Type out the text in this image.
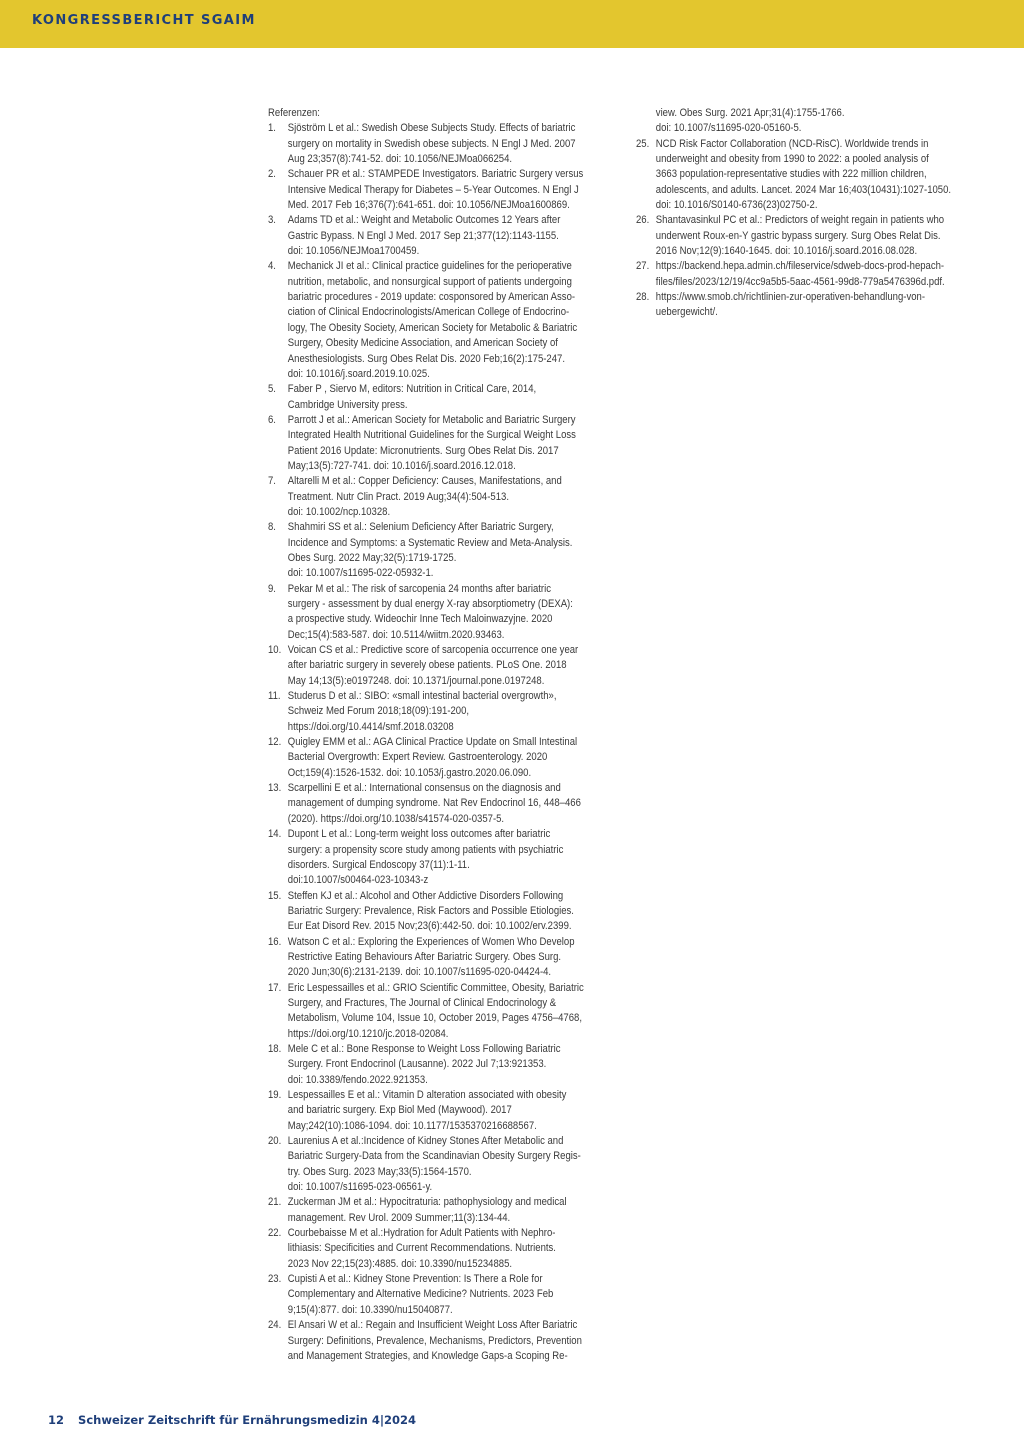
KONGRESSBERICHT SGAIM

Referenzen:

1. Sjöström L et al.: Swedish Obese Subjects Study. Effects of bariatric
surgery on mortality in Swedish obese subjects. N Engl J Med. 2007
Aug 23;357(8):741-52. doi: 10.1056/NEJMoa066254.
2. Schauer PR et al.: STAMPEDE Investigators. Bariatric Surgery versus
Intensive Medical Therapy for Diabetes – 5-Year Outcomes. N Engl J
Med. 2017 Feb 16;376(7):641-651. doi: 10.1056/NEJMoa1600869.
3. Adams TD et al.: Weight and Metabolic Outcomes 12 Years after
Gastric Bypass. N Engl J Med. 2017 Sep 21;377(12):1143-1155.
doi: 10.1056/NEJMoa1700459.
4. Mechanick JI et al.: Clinical practice guidelines for the perioperative
nutrition, metabolic, and nonsurgical support of patients undergoing
bariatric procedures - 2019 update: cosponsored by American Asso-
ciation of Clinical Endocrinologists/American College of Endocrino-
logy, The Obesity Society, American Society for Metabolic & Bariatric
Surgery, Obesity Medicine Association, and American Society of
Anesthesiologists. Surg Obes Relat Dis. 2020 Feb;16(2):175-247.
doi: 10.1016/j.soard.2019.10.025.
5. Faber P , Siervo M, editors: Nutrition in Critical Care, 2014,
Cambridge University press.
6. Parrott J et al.: American Society for Metabolic and Bariatric Surgery
Integrated Health Nutritional Guidelines for the Surgical Weight Loss
Patient 2016 Update: Micronutrients. Surg Obes Relat Dis. 2017
May;13(5):727-741. doi: 10.1016/j.soard.2016.12.018.
7. Altarelli M et al.: Copper Deficiency: Causes, Manifestations, and
Treatment. Nutr Clin Pract. 2019 Aug;34(4):504-513.
doi: 10.1002/ncp.10328.
8. Shahmiri SS et al.: Selenium Deficiency After Bariatric Surgery,
Incidence and Symptoms: a Systematic Review and Meta-Analysis.
Obes Surg. 2022 May;32(5):1719-1725.
doi: 10.1007/s11695-022-05932-1.
9. Pekar M et al.: The risk of sarcopenia 24 months after bariatric
surgery - assessment by dual energy X-ray absorptiometry (DEXA):
a prospective study. Wideochir Inne Tech Maloinwazyjne. 2020
Dec;15(4):583-587. doi: 10.5114/wiitm.2020.93463.
10. Voican CS et al.: Predictive score of sarcopenia occurrence one year
after bariatric surgery in severely obese patients. PLoS One. 2018
May 14;13(5):e0197248. doi: 10.1371/journal.pone.0197248.
11. Studerus D et al.: SIBO: «small intestinal bacterial overgrowth»,
Schweiz Med Forum 2018;18(09):191-200,
https://doi.org/10.4414/smf.2018.03208
12. Quigley EMM et al.: AGA Clinical Practice Update on Small Intestinal
Bacterial Overgrowth: Expert Review. Gastroenterology. 2020
Oct;159(4):1526-1532. doi: 10.1053/j.gastro.2020.06.090.
13. Scarpellini E et al.: International consensus on the diagnosis and
management of dumping syndrome. Nat Rev Endocrinol 16, 448–466
(2020). https://doi.org/10.1038/s41574-020-0357-5.
14. Dupont L et al.: Long-term weight loss outcomes after bariatric
surgery: a propensity score study among patients with psychiatric
disorders. Surgical Endoscopy 37(11):1-11.
doi:10.1007/s00464-023-10343-z
15. Steffen KJ et al.: Alcohol and Other Addictive Disorders Following
Bariatric Surgery: Prevalence, Risk Factors and Possible Etiologies.
Eur Eat Disord Rev. 2015 Nov;23(6):442-50. doi: 10.1002/erv.2399.
16. Watson C et al.: Exploring the Experiences of Women Who Develop
Restrictive Eating Behaviours After Bariatric Surgery. Obes Surg.
2020 Jun;30(6):2131-2139. doi: 10.1007/s11695-020-04424-4.
17. Eric Lespessailles et al.: GRIO Scientific Committee, Obesity, Bariatric
Surgery, and Fractures, The Journal of Clinical Endocrinology &
Metabolism, Volume 104, Issue 10, October 2019, Pages 4756–4768,
https://doi.org/10.1210/jc.2018-02084.
18. Mele C et al.: Bone Response to Weight Loss Following Bariatric
Surgery. Front Endocrinol (Lausanne). 2022 Jul 7;13:921353.
doi: 10.3389/fendo.2022.921353.
19. Lespessailles E et al.: Vitamin D alteration associated with obesity
and bariatric surgery. Exp Biol Med (Maywood). 2017
May;242(10):1086-1094. doi: 10.1177/1535370216688567.
20. Laurenius A et al.:Incidence of Kidney Stones After Metabolic and
Bariatric Surgery-Data from the Scandinavian Obesity Surgery Regis-
try. Obes Surg. 2023 May;33(5):1564-1570.
doi: 10.1007/s11695-023-06561-y.
21. Zuckerman JM et al.: Hypocitraturia: pathophysiology and medical
management. Rev Urol. 2009 Summer;11(3):134-44.
22. Courbebaisse M et al.:Hydration for Adult Patients with Nephro-
lithiasis: Specificities and Current Recommendations. Nutrients.
2023 Nov 22;15(23):4885. doi: 10.3390/nu15234885.
23. Cupisti A et al.: Kidney Stone Prevention: Is There a Role for
Complementary and Alternative Medicine? Nutrients. 2023 Feb
9;15(4):877. doi: 10.3390/nu15040877.
24. El Ansari W et al.: Regain and Insufficient Weight Loss After Bariatric
Surgery: Definitions, Prevalence, Mechanisms, Predictors, Prevention
and Management Strategies, and Knowledge Gaps-a Scoping Re-
view. Obes Surg. 2021 Apr;31(4):1755-1766.
doi: 10.1007/s11695-020-05160-5.
25. NCD Risk Factor Collaboration (NCD-RisC). Worldwide trends in
underweight and obesity from 1990 to 2022: a pooled analysis of
3663 population-representative studies with 222 million children,
adolescents, and adults. Lancet. 2024 Mar 16;403(10431):1027-1050.
doi: 10.1016/S0140-6736(23)02750-2.
26. Shantavasinkul PC et al.: Predictors of weight regain in patients who
underwent Roux-en-Y gastric bypass surgery. Surg Obes Relat Dis.
2016 Nov;12(9):1640-1645. doi: 10.1016/j.soard.2016.08.028.
27. https://backend.hepa.admin.ch/fileservice/sdweb-docs-prod-hepach-
files/files/2023/12/19/4cc9a5b5-5aac-4561-99d8-779a5476396d.pdf.
28. https://www.smob.ch/richtlinien-zur-operativen-behandlung-von-
uebergewicht/.
12 Schweizer Zeitschrift für Ernährungsmedizin 4|2024
